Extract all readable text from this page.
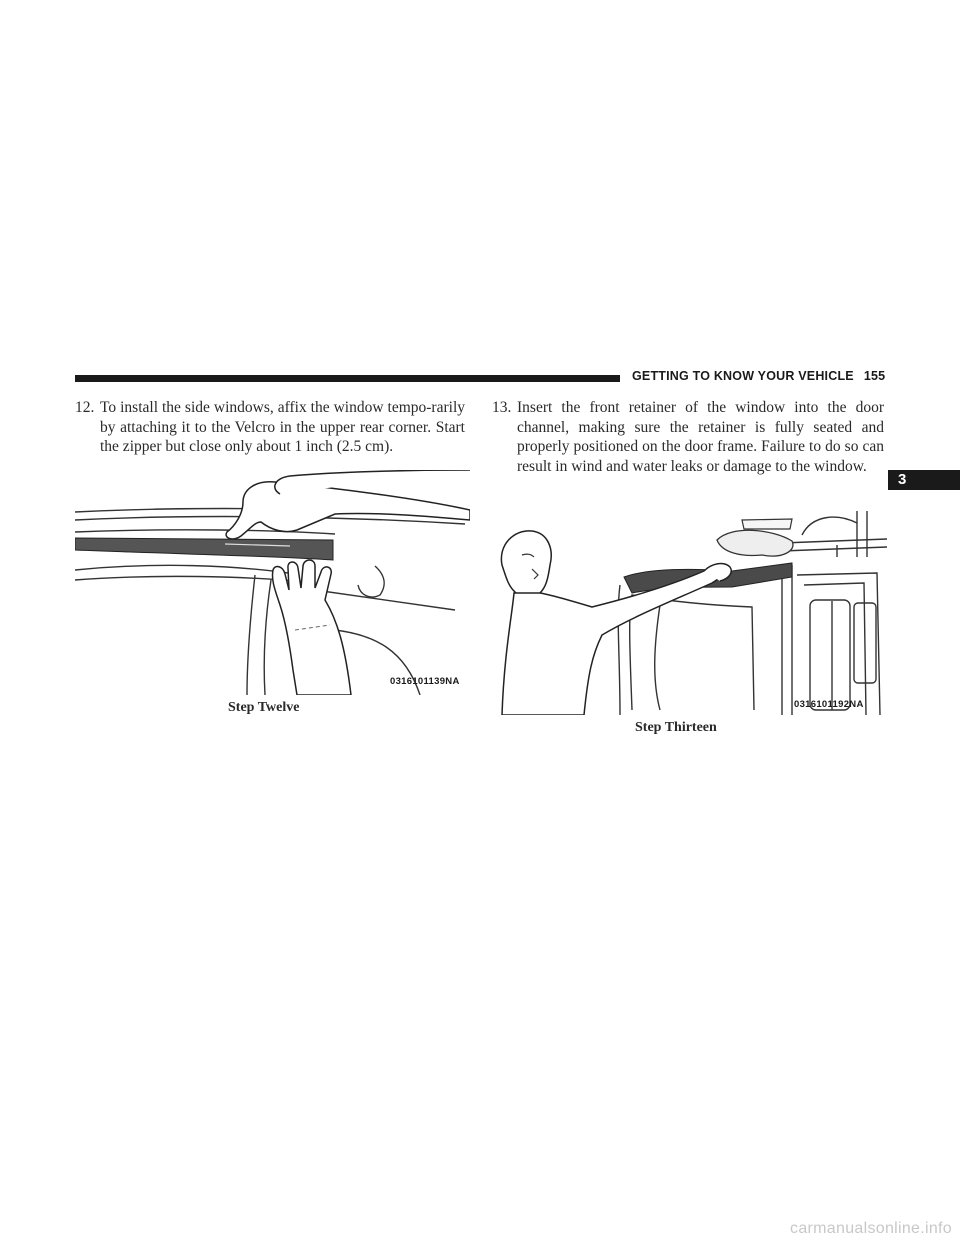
GETTING TO KNOW YOUR VEHICLE 155
3
12. To install the side windows, affix the window tempo-rarily by attaching it to the Velcro in the upper rear corner. Start the zipper but close only about 1 inch (2.5 cm).
13. Insert the front retainer of the window into the door channel, making sure the retainer is fully seated and properly positioned on the door frame. Failure to do so can result in wind and water leaks or damage to the window.
0316101139NA
Step Twelve	0316101192NA
Step Thirteen
carmanualsonline.info
